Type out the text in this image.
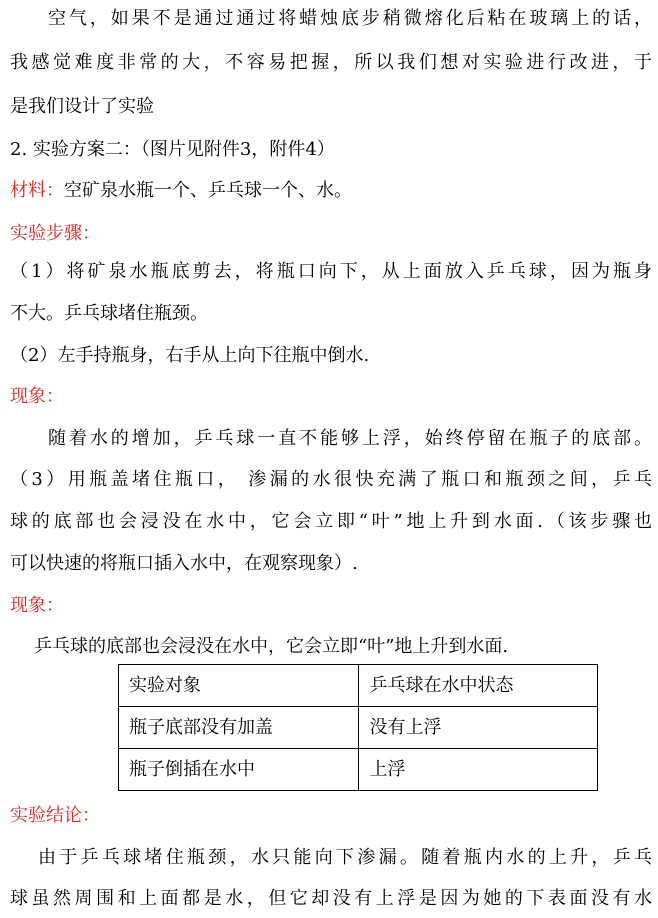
空气，如果不是通过通过将蜡烛底步稍微熔化后粘在玻璃上的话，
我感觉难度非常的大，不容易把握，所以我们想对实验进行改进，于
是我们设计了实验
2. 实验方案二：（图片见附件3，附件4）
材料：空矿泉水瓶一个、乒乓球一个、水。
实验步骤：
（1）将矿泉水瓶底剪去，将瓶口向下，从上面放入乒乓球，因为瓶身
不大。乒乓球堵住瓶颈。
（2）左手持瓶身，右手从上向下往瓶中倒水.
现象：
随着水的增加，乒乓球一直不能够上浮，始终停留在瓶子的底部。
（3）用瓶盖堵住瓶口， 渗漏的水很快充满了瓶口和瓶颈之间，乒乓
球的底部也会浸没在水中，它会立即“叶”地上升到水面.（该步骤也
可以快速的将瓶口插入水中，在观察现象）.
现象：
乒乓球的底部也会浸没在水中，它会立即“叶”地上升到水面.
实验对象	乒乓球在水中状态
瓶子底部没有加盖	没有上浮
瓶子倒插在水中	上浮
实验结论：
由于乒乓球堵住瓶颈，水只能向下渗漏。随着瓶内水的上升，乒乓
球虽然周围和上面都是水，但它却没有上浮是因为她的下表面没有水
